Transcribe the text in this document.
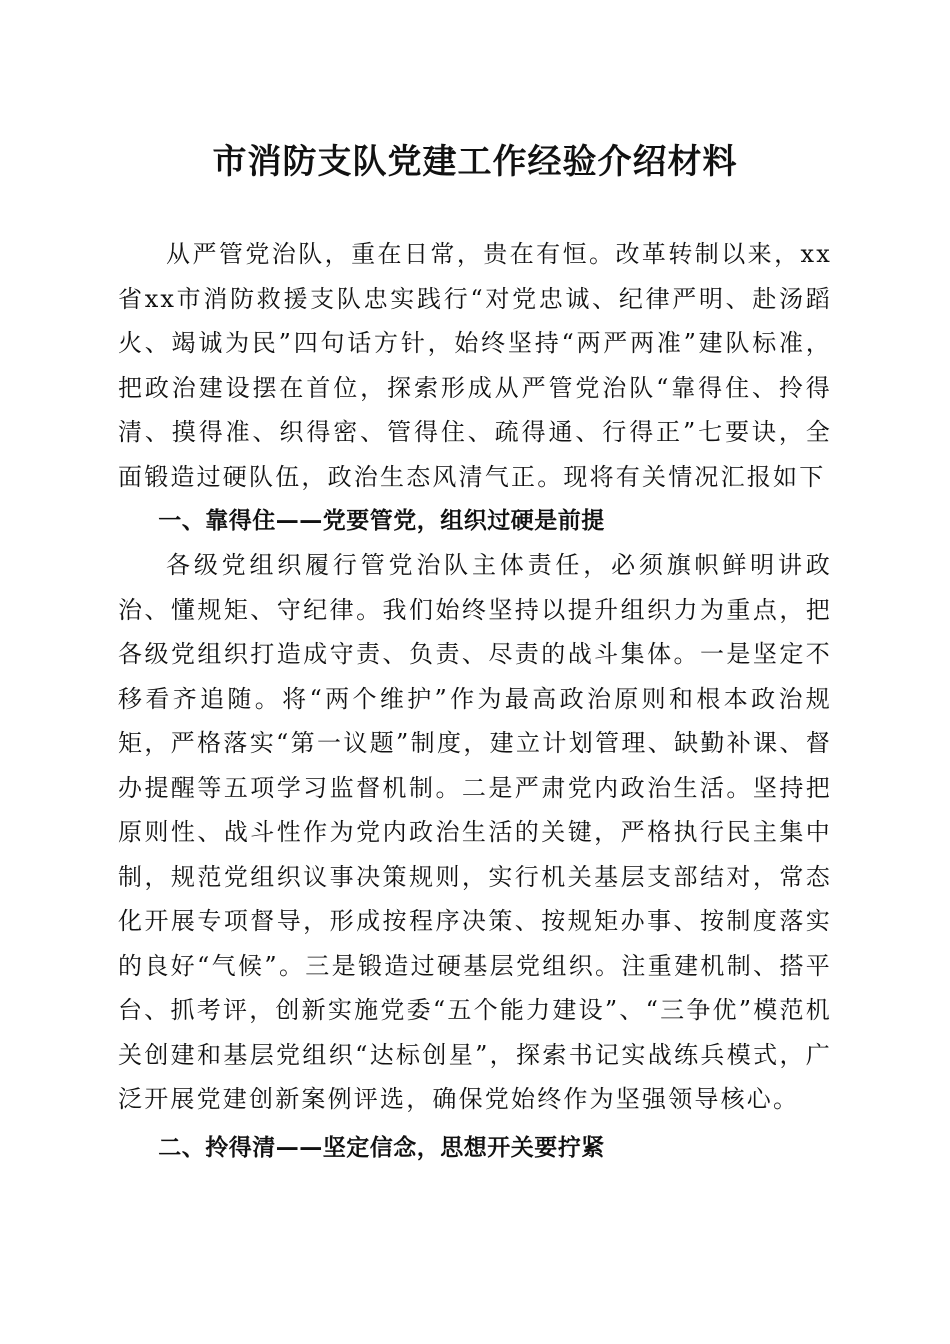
市消防支队党建工作经验介绍材料

从严管党治队，重在日常，贵在有恒。改革转制以来，xx省xx市消防救援支队忠实践行“对党忠诚、纪律严明、赴汤蹈火、竭诚为民”四句话方针，始终坚持“两严两准”建队标准，把政治建设摆在首位，探索形成从严管党治队“靠得住、拎得清、摸得准、织得密、管得住、疏得通、行得正”七要诀，全面锻造过硬队伍，政治生态风清气正。现将有关情况汇报如下

一、靠得住——党要管党，组织过硬是前提

各级党组织履行管党治队主体责任，必须旗帜鲜明讲政治、懂规矩、守纪律。我们始终坚持以提升组织力为重点，把各级党组织打造成守责、负责、尽责的战斗集体。一是坚定不移看齐追随。将“两个维护”作为最高政治原则和根本政治规矩，严格落实“第一议题”制度，建立计划管理、缺勤补课、督办提醒等五项学习监督机制。二是严肃党内政治生活。坚持把原则性、战斗性作为党内政治生活的关键，严格执行民主集中制，规范党组织议事决策规则，实行机关基层支部结对，常态化开展专项督导，形成按程序决策、按规矩办事、按制度落实的良好“气候”。三是锻造过硬基层党组织。注重建机制、搭平台、抓考评，创新实施党委“五个能力建设”、“三争优”模范机关创建和基层党组织“达标创星”，探索书记实战练兵模式，广泛开展党建创新案例评选，确保党始终作为坚强领导核心。

二、拎得清——坚定信念，思想开关要拧紧
